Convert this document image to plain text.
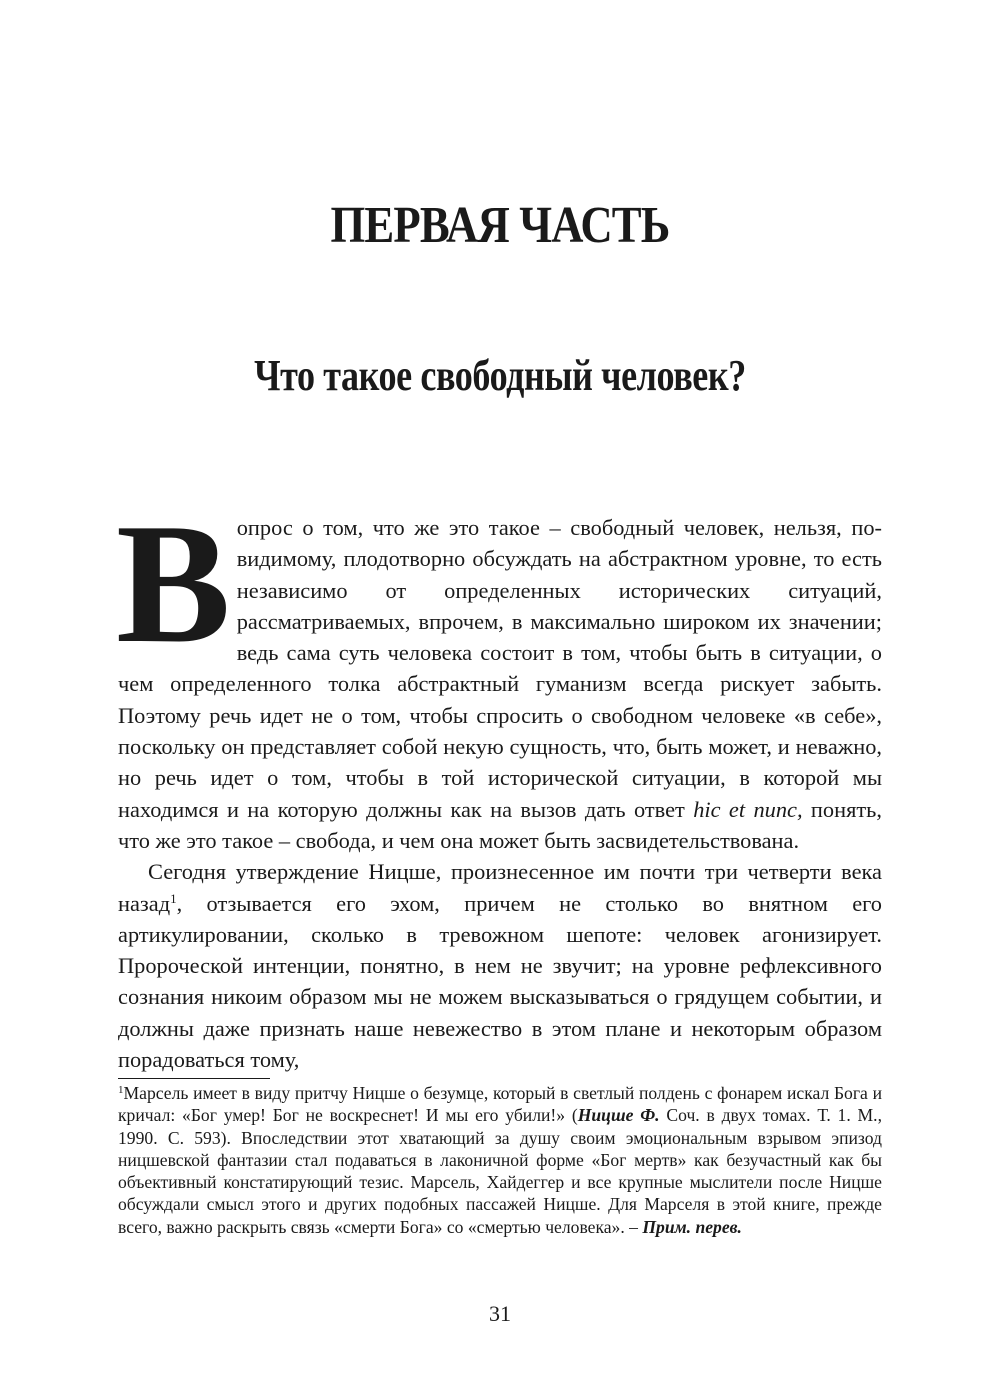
ПЕРВАЯ ЧАСТЬ
Что такое свободный человек?

Вопрос о том, что же это такое – свободный человек, нельзя, по-видимому, плодотворно обсуждать на абстрактном уровне, то есть независимо от определенных исторических ситуаций, рассматриваемых, впрочем, в максимально широком их значении; ведь сама суть человека состоит в том, чтобы быть в ситуации, о чем определенного толка абстрактный гуманизм всегда рискует забыть. Поэтому речь идет не о том, чтобы спросить о свободном человеке «в себе», поскольку он представляет собой некую сущность, что, быть может, и неважно, но речь идет о том, чтобы в той исторической ситуации, в которой мы находимся и на которую должны как на вызов дать ответ hic et nunc, понять, что же это такое – свобода, и чем она может быть засвидетельствована.

Сегодня утверждение Ницше, произнесенное им почти три четверти века назад$^1$, отзывается его эхом, причем не столько во внятном его артикулировании, сколько в тревожном шепоте: человек агонизирует. Пророческой интенции, понятно, в нем не звучит; на уровне рефлексивного сознания никоим образом мы не можем высказываться о грядущем событии, и должны даже признать наше невежество в этом плане и некоторым образом порадоваться тому,

$^1$Марсель имеет в виду притчу Ницше о безумце, который в светлый полдень с фонарем искал Бога и кричал: «Бог умер! Бог не воскреснет! И мы его убили!» (Ницше Ф. Соч. в двух томах. Т. 1. М., 1990. С. 593). Впоследствии этот хватающий за душу своим эмоциональным взрывом эпизод ницшевской фантазии стал подаваться в лаконичной форме «Бог мертв» как безучастный как бы объективный констатирующий тезис. Марсель, Хайдеггер и все крупные мыслители после Ницше обсуждали смысл этого и других подобных пассажей Ницше. Для Марселя в этой книге, прежде всего, важно раскрыть связь «смерти Бога» со «смертью человека». – Прим. перев.

31
